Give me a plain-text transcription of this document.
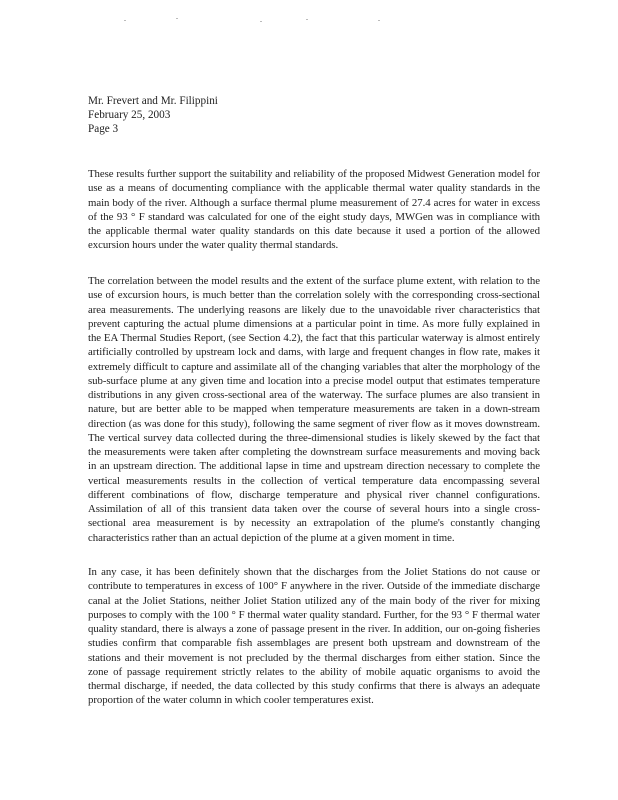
Mr. Frevert and Mr. Filippini
February 25, 2003
Page 3

These results further support the suitability and reliability of the proposed Midwest Generation model for use as a means of documenting compliance with the applicable thermal water quality standards in the main body of the river. Although a surface thermal plume measurement of 27.4 acres for water in excess of the 93 ° F standard was calculated for one of the eight study days, MWGen was in compliance with the applicable thermal water quality standards on this date because it used a portion of the allowed excursion hours under the water quality thermal standards.

The correlation between the model results and the extent of the surface plume extent, with relation to the use of excursion hours, is much better than the correlation solely with the corresponding cross-sectional area measurements. The underlying reasons are likely due to the unavoidable river characteristics that prevent capturing the actual plume dimensions at a particular point in time. As more fully explained in the EA Thermal Studies Report, (see Section 4.2), the fact that this particular waterway is almost entirely artificially controlled by upstream lock and dams, with large and frequent changes in flow rate, makes it extremely difficult to capture and assimilate all of the changing variables that alter the morphology of the sub-surface plume at any given time and location into a precise model output that estimates temperature distributions in any given cross-sectional area of the waterway. The surface plumes are also transient in nature, but are better able to be mapped when temperature measurements are taken in a down-stream direction (as was done for this study), following the same segment of river flow as it moves downstream. The vertical survey data collected during the three-dimensional studies is likely skewed by the fact that the measurements were taken after completing the downstream surface measurements and moving back in an upstream direction. The additional lapse in time and upstream direction necessary to complete the vertical measurements results in the collection of vertical temperature data encompassing several different combinations of flow, discharge temperature and physical river channel configurations. Assimilation of all of this transient data taken over the course of several hours into a single cross-sectional area measurement is by necessity an extrapolation of the plume's constantly changing characteristics rather than an actual depiction of the plume at a given moment in time.

In any case, it has been definitely shown that the discharges from the Joliet Stations do not cause or contribute to temperatures in excess of 100° F anywhere in the river. Outside of the immediate discharge canal at the Joliet Stations, neither Joliet Station utilized any of the main body of the river for mixing purposes to comply with the 100 ° F thermal water quality standard. Further, for the 93 ° F thermal water quality standard, there is always a zone of passage present in the river. In addition, our on-going fisheries studies confirm that comparable fish assemblages are present both upstream and downstream of the stations and their movement is not precluded by the thermal discharges from either station. Since the zone of passage requirement strictly relates to the ability of mobile aquatic organisms to avoid the thermal discharge, if needed, the data collected by this study confirms that there is always an adequate proportion of the water column in which cooler temperatures exist.
